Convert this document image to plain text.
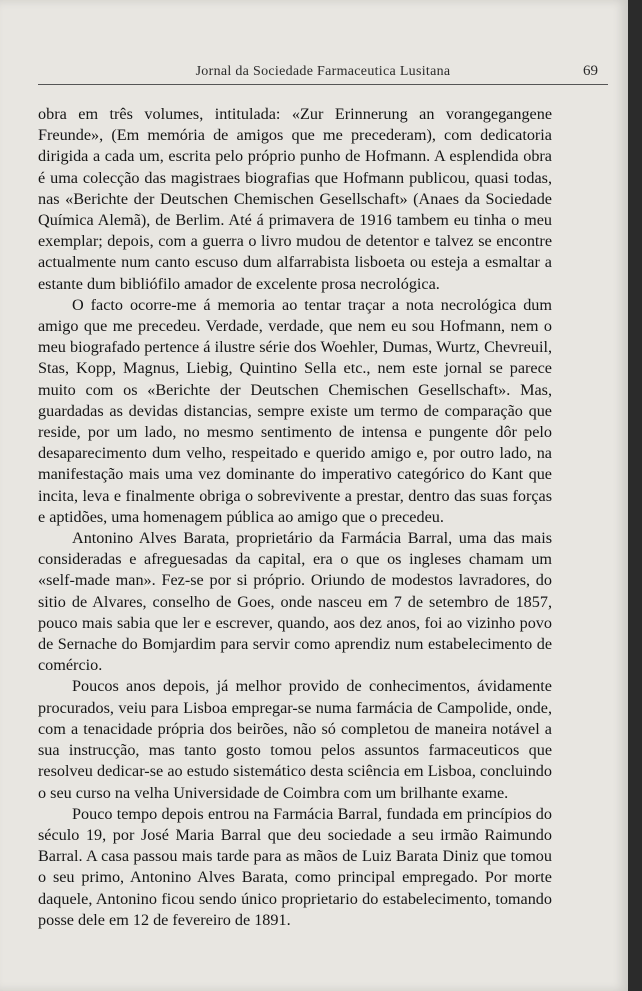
Jornal da Sociedade Farmaceutica Lusitana	69

obra em três volumes, intitulada: «Zur Erinnerung an vorangegangene Freunde», (Em memória de amigos que me precederam), com dedicatoria dirigida a cada um, escrita pelo próprio punho de Hofmann. A esplendida obra é uma colecção das magistraes biografias que Hofmann publicou, quasi todas, nas «Berichte der Deutschen Chemischen Gesellschaft» (Anaes da Sociedade Química Alemã), de Berlim. Até á primavera de 1916 tambem eu tinha o meu exemplar; depois, com a guerra o livro mudou de detentor e talvez se encontre actualmente num canto escuso dum alfarrabista lisboeta ou esteja a esmaltar a estante dum bibliófilo amador de excelente prosa necrológica.

O facto ocorre-me á memoria ao tentar traçar a nota necrológica dum amigo que me precedeu. Verdade, verdade, que nem eu sou Hofmann, nem o meu biografado pertence á ilustre série dos Woehler, Dumas, Wurtz, Chevreuil, Stas, Kopp, Magnus, Liebig, Quintino Sella etc., nem este jornal se parece muito com os «Berichte der Deutschen Chemischen Gesellschaft». Mas, guardadas as devidas distancias, sempre existe um termo de comparação que reside, por um lado, no mesmo sentimento de intensa e pungente dôr pelo desaparecimento dum velho, respeitado e querido amigo e, por outro lado, na manifestação mais uma vez dominante do imperativo categórico do Kant que incita, leva e finalmente obriga o sobrevivente a prestar, dentro das suas forças e aptidões, uma homenagem pública ao amigo que o precedeu.

Antonino Alves Barata, proprietário da Farmácia Barral, uma das mais consideradas e afreguesadas da capital, era o que os ingleses chamam um «self-made man». Fez-se por si próprio. Oriundo de modestos lavradores, do sitio de Alvares, conselho de Goes, onde nasceu em 7 de setembro de 1857, pouco mais sabia que ler e escrever, quando, aos dez anos, foi ao vizinho povo de Sernache do Bomjardim para servir como aprendiz num estabelecimento de comércio.

Poucos anos depois, já melhor provido de conhecimentos, ávidamente procurados, veiu para Lisboa empregar-se numa farmácia de Campolide, onde, com a tenacidade própria dos beirões, não só completou de maneira notável a sua instrucção, mas tanto gosto tomou pelos assuntos farmaceuticos que resolveu dedicar-se ao estudo sistemático desta sciência em Lisboa, concluindo o seu curso na velha Universidade de Coimbra com um brilhante exame.

Pouco tempo depois entrou na Farmácia Barral, fundada em princípios do século 19, por José Maria Barral que deu sociedade a seu irmão Raimundo Barral. A casa passou mais tarde para as mãos de Luiz Barata Diniz que tomou o seu primo, Antonino Alves Barata, como principal empregado. Por morte daquele, Antonino ficou sendo único proprietario do estabelecimento, tomando posse dele em 12 de fevereiro de 1891.
